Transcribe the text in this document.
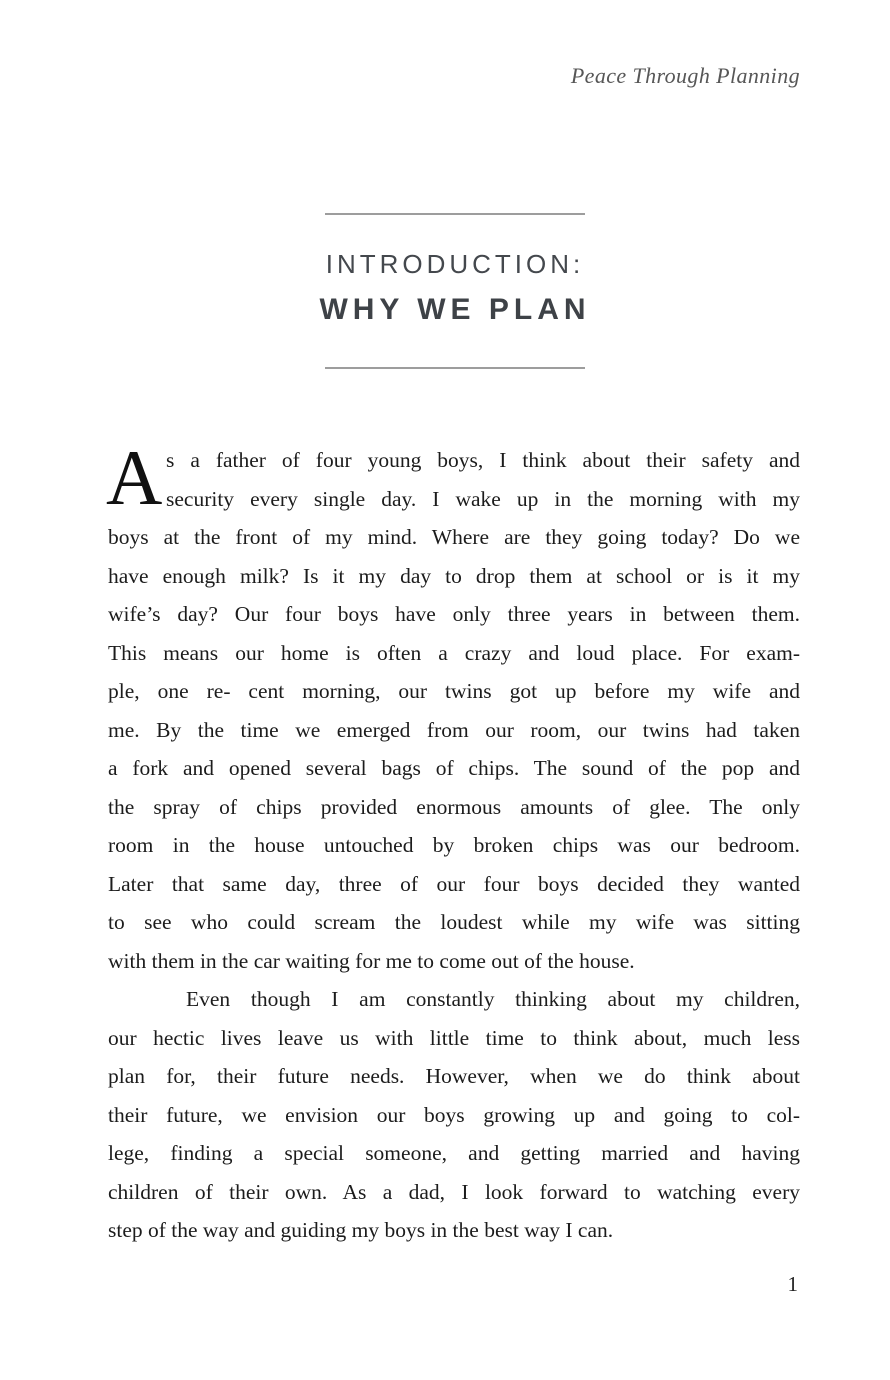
Peace Through Planning
INTRODUCTION:
WHY WE PLAN
A s a father of four young boys, I think about their safety and
security every single day. I wake up in the morning with my
boys at the front of my mind. Where are they going today? Do we
have enough milk? Is it my day to drop them at school or is it my
wife’s day? Our four boys have only three years in between them.
This means our home is often a crazy and loud place. For exam-
ple, one re- cent morning, our twins got up before my wife and
me. By the time we emerged from our room, our twins had taken
a fork and opened several bags of chips. The sound of the pop and
the spray of chips provided enormous amounts of glee. The only
room in the house untouched by broken chips was our bedroom.
Later that same day, three of our four boys decided they wanted
to see who could scream the loudest while my wife was sitting
with them in the car waiting for me to come out of the house.
Even though I am constantly thinking about my children,
our hectic lives leave us with little time to think about, much less
plan for, their future needs. However, when we do think about
their future, we envision our boys growing up and going to col-
lege, finding a special someone, and getting married and having
children of their own. As a dad, I look forward to watching every
step of the way and guiding my boys in the best way I can.
1
